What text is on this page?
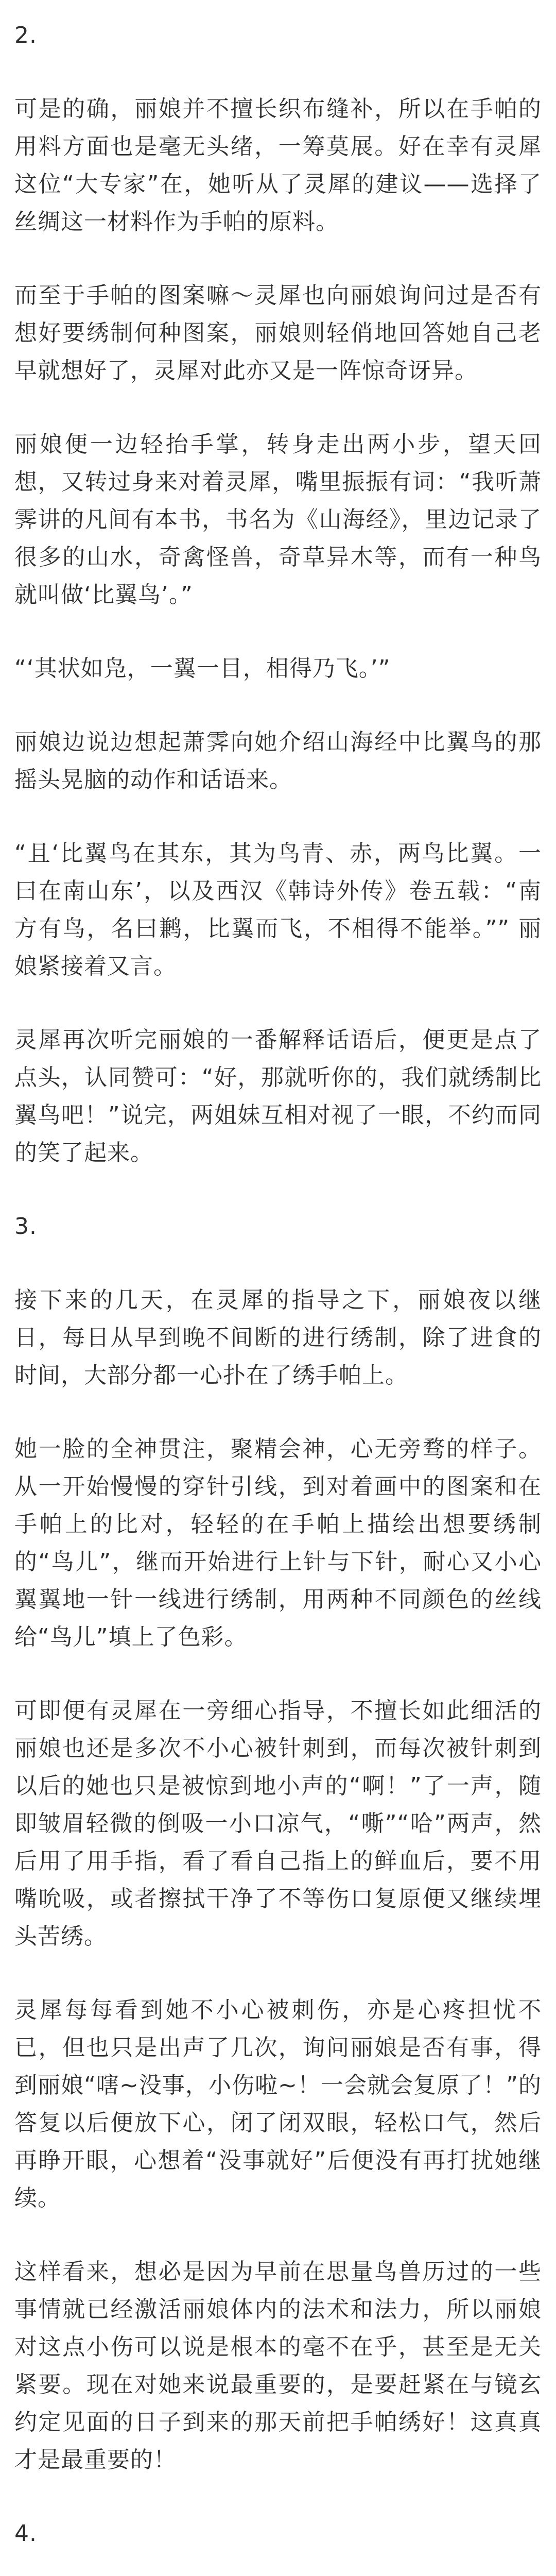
2.

可是的确，丽娘并不擅长织布缝补，所以在手帕的用料方面也是毫无头绪，一筹莫展。好在幸有灵犀这位“大专家”在，她听从了灵犀的建议——选择了丝绸这一材料作为手帕的原料。

而至于手帕的图案嘛～灵犀也向丽娘询问过是否有想好要绣制何种图案，丽娘则轻俏地回答她自己老早就想好了，灵犀对此亦又是一阵惊奇讶异。

丽娘便一边轻抬手掌，转身走出两小步，望天回想，又转过身来对着灵犀，嘴里振振有词：“我听萧霁讲的凡间有本书，书名为《山海经》，里边记录了很多的山水，奇禽怪兽，奇草异木等，而有一种鸟就叫做‘比翼鸟’。”

“‘其状如凫，一翼一目，相得乃飞。’”

丽娘边说边想起萧霁向她介绍山海经中比翼鸟的那摇头晃脑的动作和话语来。

“且‘比翼鸟在其东，其为鸟青、赤，两鸟比翼。一曰在南山东’，以及西汉《韩诗外传》卷五载：“南方有鸟，名曰鹣，比翼而飞，不相得不能举。”” 丽娘紧接着又言。

灵犀再次听完丽娘的一番解释话语后，便更是点了点头，认同赞可：“好，那就听你的，我们就绣制比翼鸟吧！”说完，两姐妹互相对视了一眼，不约而同的笑了起来。

3.

接下来的几天，在灵犀的指导之下，丽娘夜以继日，每日从早到晚不间断的进行绣制，除了进食的时间，大部分都一心扑在了绣手帕上。

她一脸的全神贯注，聚精会神，心无旁骛的样子。从一开始慢慢的穿针引线，到对着画中的图案和在手帕上的比对，轻轻的在手帕上描绘出想要绣制的“鸟儿”，继而开始进行上针与下针，耐心又小心翼翼地一针一线进行绣制，用两种不同颜色的丝线给“鸟儿”填上了色彩。

可即便有灵犀在一旁细心指导，不擅长如此细活的丽娘也还是多次不小心被针刺到，而每次被针刺到以后的她也只是被惊到地小声的“啊！”了一声，随即皱眉轻微的倒吸一小口凉气，“嘶”“哈”两声，然后用了用手指，看了看自己指上的鲜血后，要不用嘴吮吸，或者擦拭干净了不等伤口复原便又继续埋头苦绣。

灵犀每每看到她不小心被刺伤，亦是心疼担忧不已，但也只是出声了几次，询问丽娘是否有事，得到丽娘“嗐~没事，小伤啦~！一会就会复原了！”的答复以后便放下心，闭了闭双眼，轻松口气，然后再睁开眼，心想着“没事就好”后便没有再打扰她继续。

这样看来，想必是因为早前在思量鸟兽历过的一些事情就已经激活丽娘体内的法术和法力，所以丽娘对这点小伤可以说是根本的毫不在乎，甚至是无关紧要。现在对她来说最重要的，是要赶紧在与镜玄约定见面的日子到来的那天前把手帕绣好！这真真才是最重要的！

4.
